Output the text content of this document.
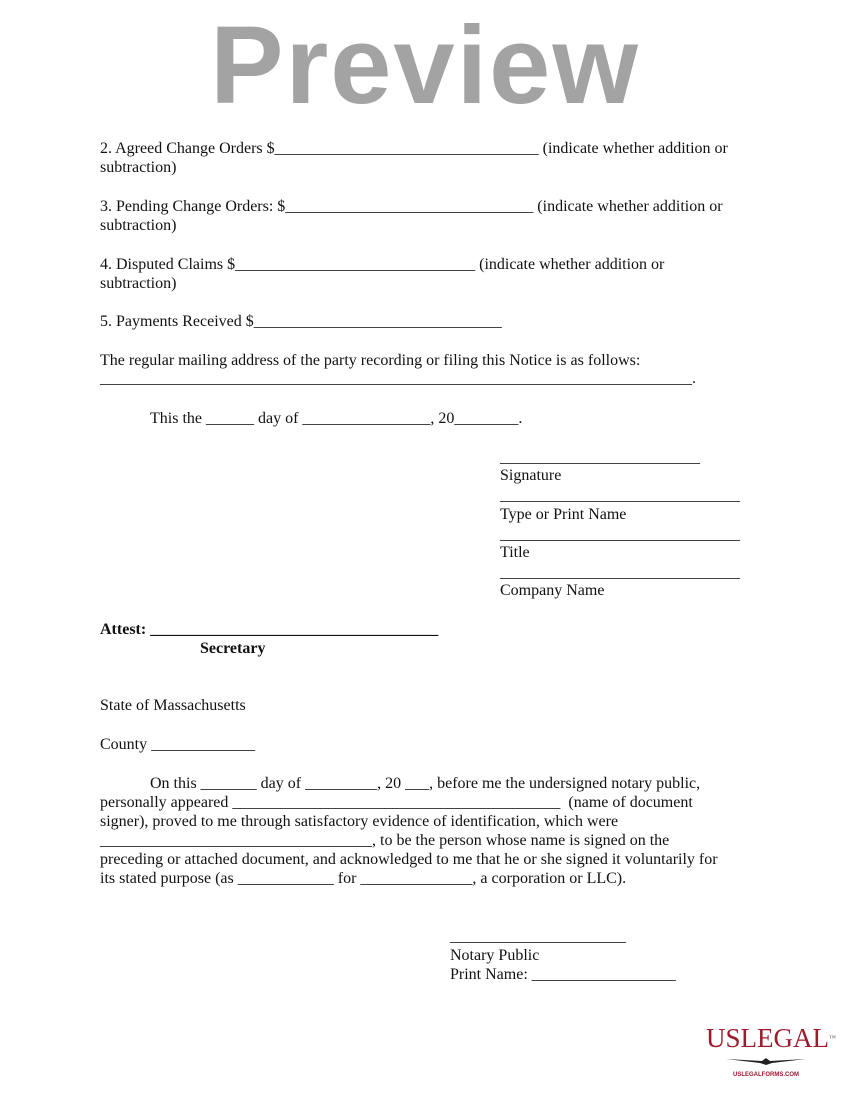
Preview
2. Agreed Change Orders $_________________________________ (indicate whether addition or
subtraction)
3. Pending Change Orders: $_______________________________ (indicate whether addition or
subtraction)
4. Disputed Claims $______________________________ (indicate whether addition or
subtraction)
5. Payments Received $_______________________________
The regular mailing address of the party recording or filing this Notice is as follows:
__________________________________________________________________________.
This the ______ day of ________________, 20________.
_________________________
Signature
______________________________
Type or Print Name
______________________________
Title
______________________________
Company Name
Attest: ____________________________________
Secretary
State of Massachusetts
County _____________
On this _______ day of _________, 20 ___, before me the undersigned notary public,
personally appeared _________________________________________  (name of document
signer), proved to me through satisfactory evidence of identification, which were
__________________________________, to be the person whose name is signed on the
preceding or attached document, and acknowledged to me that he or she signed it voluntarily for
its stated purpose (as ____________ for ______________, a corporation or LLC).
______________________
Notary Public
Print Name: __________________
USLEGAL™
USLEGALFORMS.COM
